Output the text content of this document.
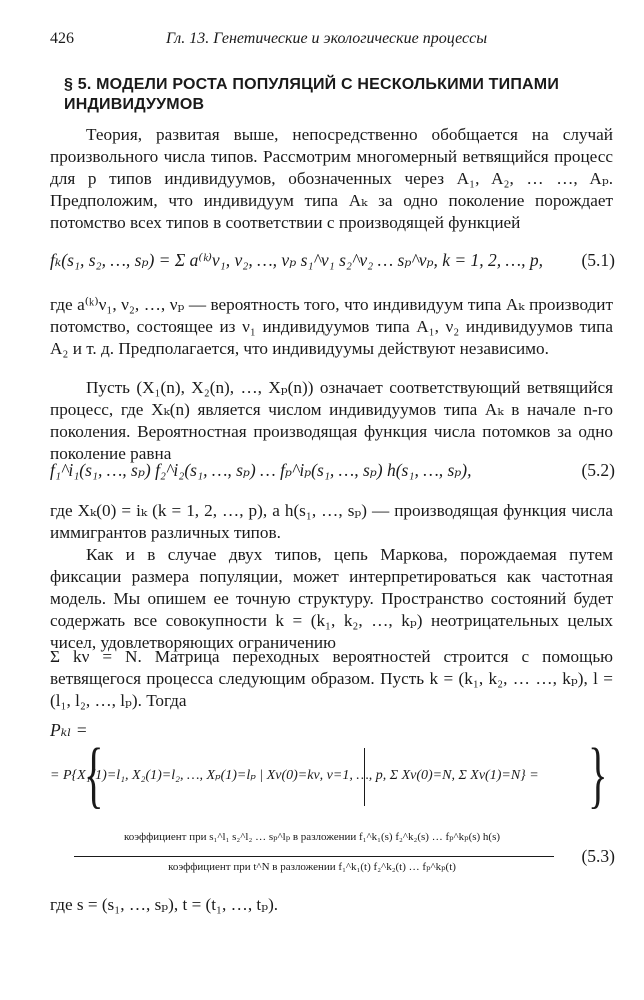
426	Гл. 13. Генетические и экологические процессы
§ 5. МОДЕЛИ РОСТА ПОПУЛЯЦИЙ С НЕСКОЛЬКИМИ ТИПАМИ ИНДИВИДУУМОВ
Теория, развитая выше, непосредственно обобщается на случай произвольного числа типов. Рассмотрим многомерный ветвящийся процесс для p типов индивидуумов, обозначенных через A₁, A₂, … …, Aₚ. Предположим, что индивидуум типа Aₖ за одно поколение порождает потомство всех типов в соответствии с производящей функцией
fₖ(s₁, s₂, …, sₚ) = Σ a⁽ᵏ⁾ν₁, ν₂, …, νₚ s₁^ν₁ s₂^ν₂ … sₚ^νₚ, k = 1, 2, …, p, (5.1)
где a⁽ᵏ⁾ν₁, ν₂, …, νₚ — вероятность того, что индивидуум типа Aₖ производит потомство, состоящее из ν₁ индивидуумов типа A₁, ν₂ индивидуумов типа A₂ и т. д. Предполагается, что индивидуумы действуют независимо.
Пусть (X₁(n), X₂(n), …, Xₚ(n)) означает соответствующий ветвящийся процесс, где Xₖ(n) является числом индивидуумов типа Aₖ в начале n-го поколения. Вероятностная производящая функция числа потомков за одно поколение равна
f₁^i₁(s₁, …, sₚ) f₂^i₂(s₁, …, sₚ) … fₚ^iₚ(s₁, …, sₚ) h(s₁, …, sₚ),	(5.2)
где Xₖ(0) = iₖ (k = 1, 2, …, p), а h(s₁, …, sₚ) — производящая функция числа иммигрантов различных типов.
Как и в случае двух типов, цепь Маркова, порождаемая путем фиксации размера популяции, может интерпретироваться как частотная модель. Мы опишем ее точную структуру. Пространство состояний будет содержать все совокупности k = (k₁, k₂, …, kₚ) неотрицательных целых чисел, удовлетворяющих ограничению
Σ kν = N. Матрица переходных вероятностей строится с помощью ветвящегося процесса следующим образом. Пусть k = (k₁, k₂, … …, kₚ), l = (l₁, l₂, …, lₚ). Тогда
Pₖₗ =
{	}
= P{X₁(1)=l₁, X₂(1)=l₂, …, Xₚ(1)=lₚ | Xν(0)=kν, ν=1, …, p, Σ Xν(0)=N, Σ Xν(1)=N} =
коэффициент при s₁^l₁ s₂^l₂ … sₚ^lₚ в разложении f₁^k₁(s) f₂^k₂(s) … fₚ^kₚ(s) h(s)
коэффициент при t^N в разложении f₁^k₁(t) f₂^k₂(t) … fₚ^kₚ(t)
(5.3)
где s = (s₁, …, sₚ), t = (t₁, …, tₚ).
